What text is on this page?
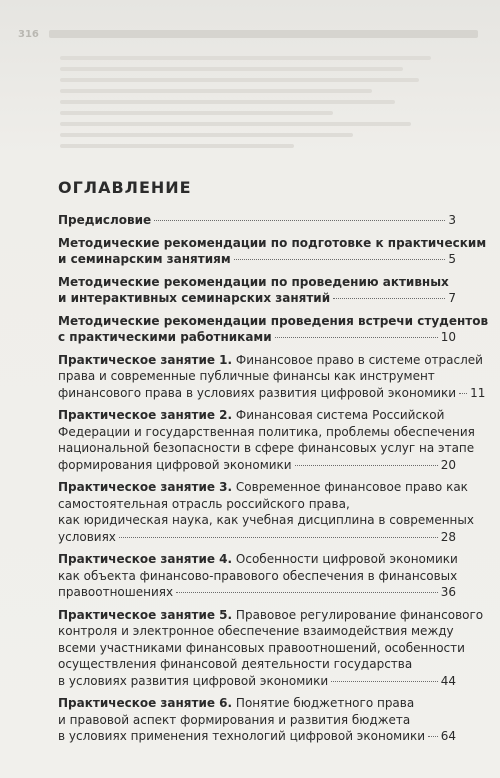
316
ОГЛАВЛЕНИЕ
Предисловие	3
Методические рекомендации по подготовке к практическим
и семинарским занятиям	5
Методические рекомендации по проведению активных
и интерактивных семинарских занятий	7
Методические рекомендации проведения встречи студентов
с практическими работниками	10
Практическое занятие 1. Финансовое право в системе отраслей
права и современные публичные финансы как инструмент
финансового права в условиях развития цифровой экономики 11
Практическое занятие 2. Финансовая система Российской
Федерации и государственная политика, проблемы обеспечения
национальной безопасности в сфере финансовых услуг на этапе
формирования цифровой экономики	20
Практическое занятие 3. Современное финансовое право как
самостоятельная отрасль российского права,
как юридическая наука, как учебная дисциплина в современных
условиях	28
Практическое занятие 4. Особенности цифровой экономики
как объекта финансово-правового обеспечения в финансовых
правоотношениях	36
Практическое занятие 5. Правовое регулирование финансового
контроля и электронное обеспечение взаимодействия между
всеми участниками финансовых правоотношений, особенности
осуществления финансовой деятельности государства
в условиях развития цифровой экономики	44
Практическое занятие 6. Понятие бюджетного права
и правовой аспект формирования и развития бюджета
в условиях применения технологий цифровой экономики 64
